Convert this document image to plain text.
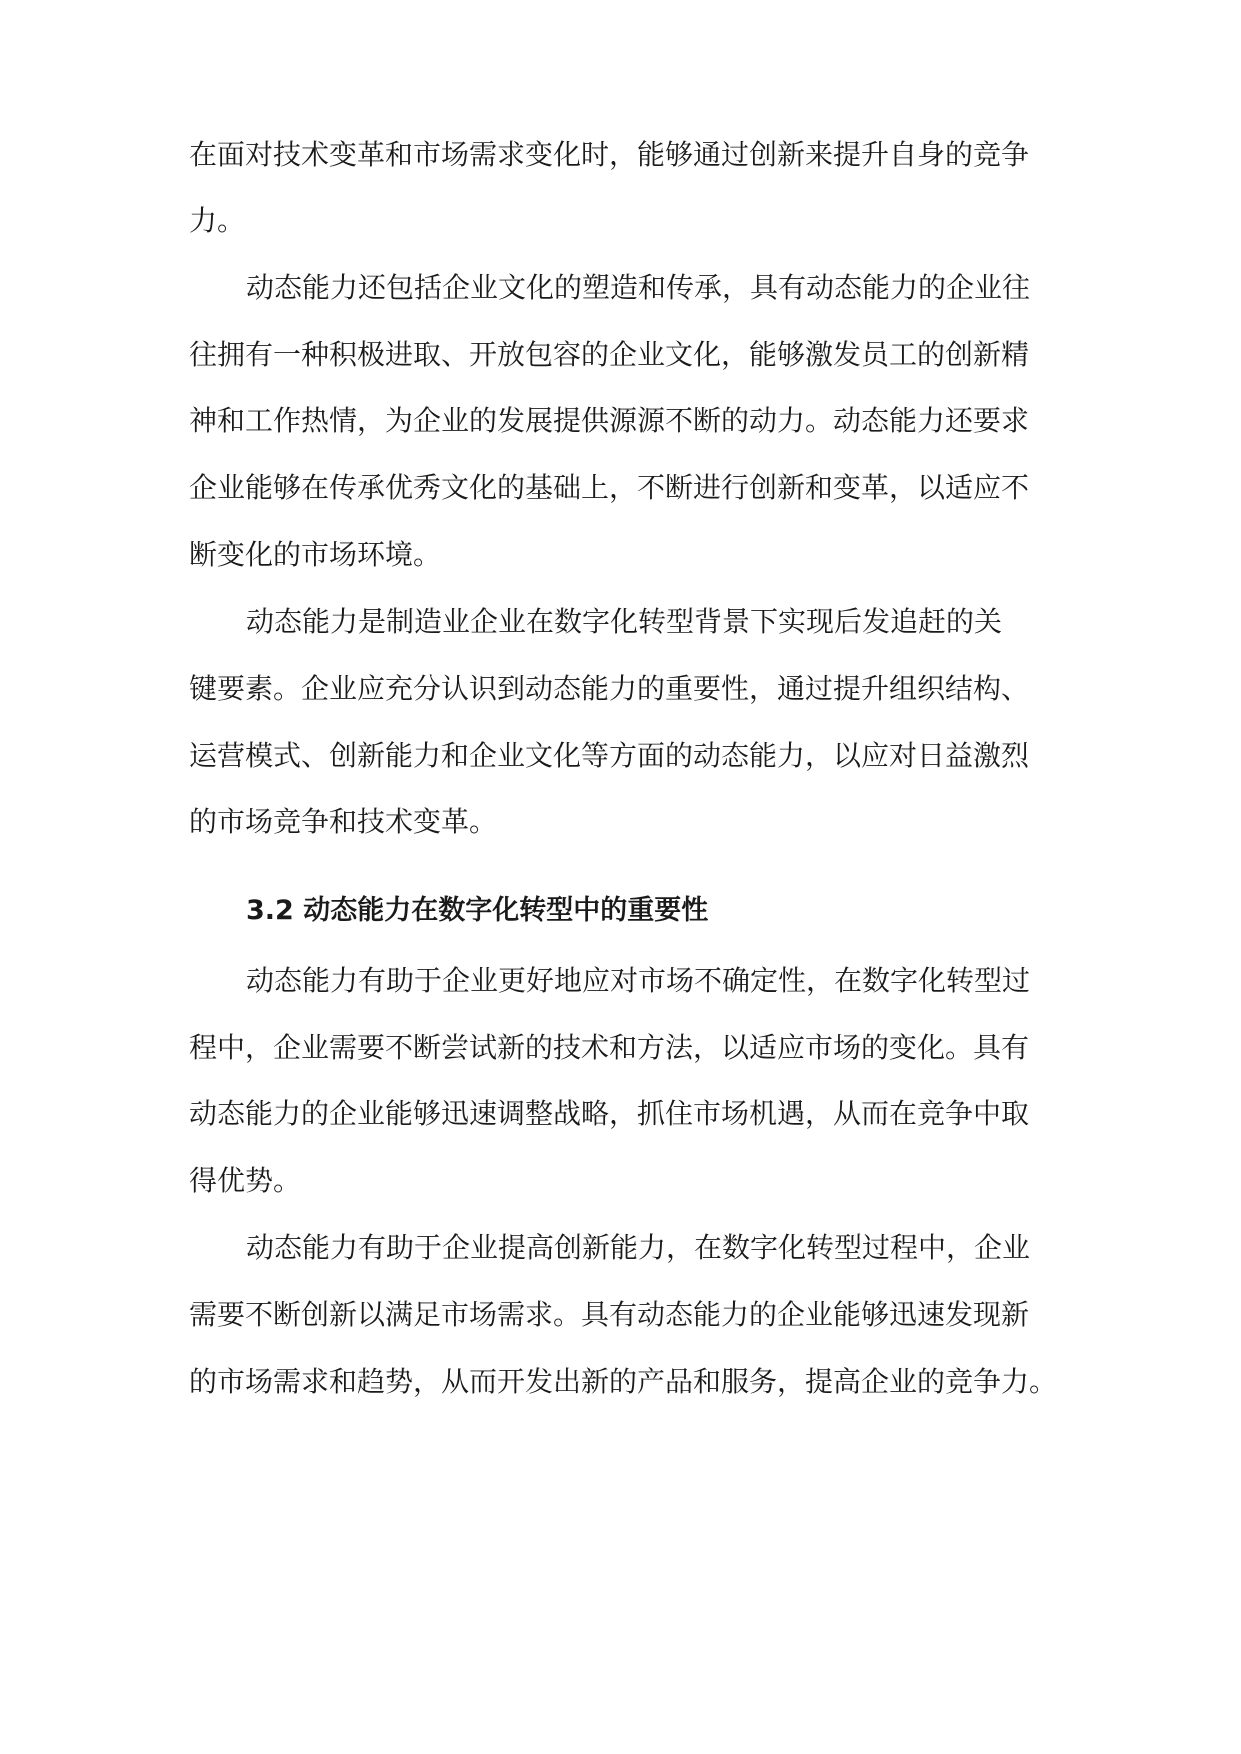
在面对技术变革和市场需求变化时，能够通过创新来提升自身的竞争
力。
动态能力还包括企业文化的塑造和传承，具有动态能力的企业往
往拥有一种积极进取、开放包容的企业文化，能够激发员工的创新精
神和工作热情，为企业的发展提供源源不断的动力。动态能力还要求
企业能够在传承优秀文化的基础上，不断进行创新和变革，以适应不
断变化的市场环境。
动态能力是制造业企业在数字化转型背景下实现后发追赶的关
键要素。企业应充分认识到动态能力的重要性，通过提升组织结构、
运营模式、创新能力和企业文化等方面的动态能力，以应对日益激烈
的市场竞争和技术变革。
3.2 动态能力在数字化转型中的重要性
动态能力有助于企业更好地应对市场不确定性，在数字化转型过
程中，企业需要不断尝试新的技术和方法，以适应市场的变化。具有
动态能力的企业能够迅速调整战略，抓住市场机遇，从而在竞争中取
得优势。
动态能力有助于企业提高创新能力，在数字化转型过程中，企业
需要不断创新以满足市场需求。具有动态能力的企业能够迅速发现新
的市场需求和趋势，从而开发出新的产品和服务，提高企业的竞争力。
